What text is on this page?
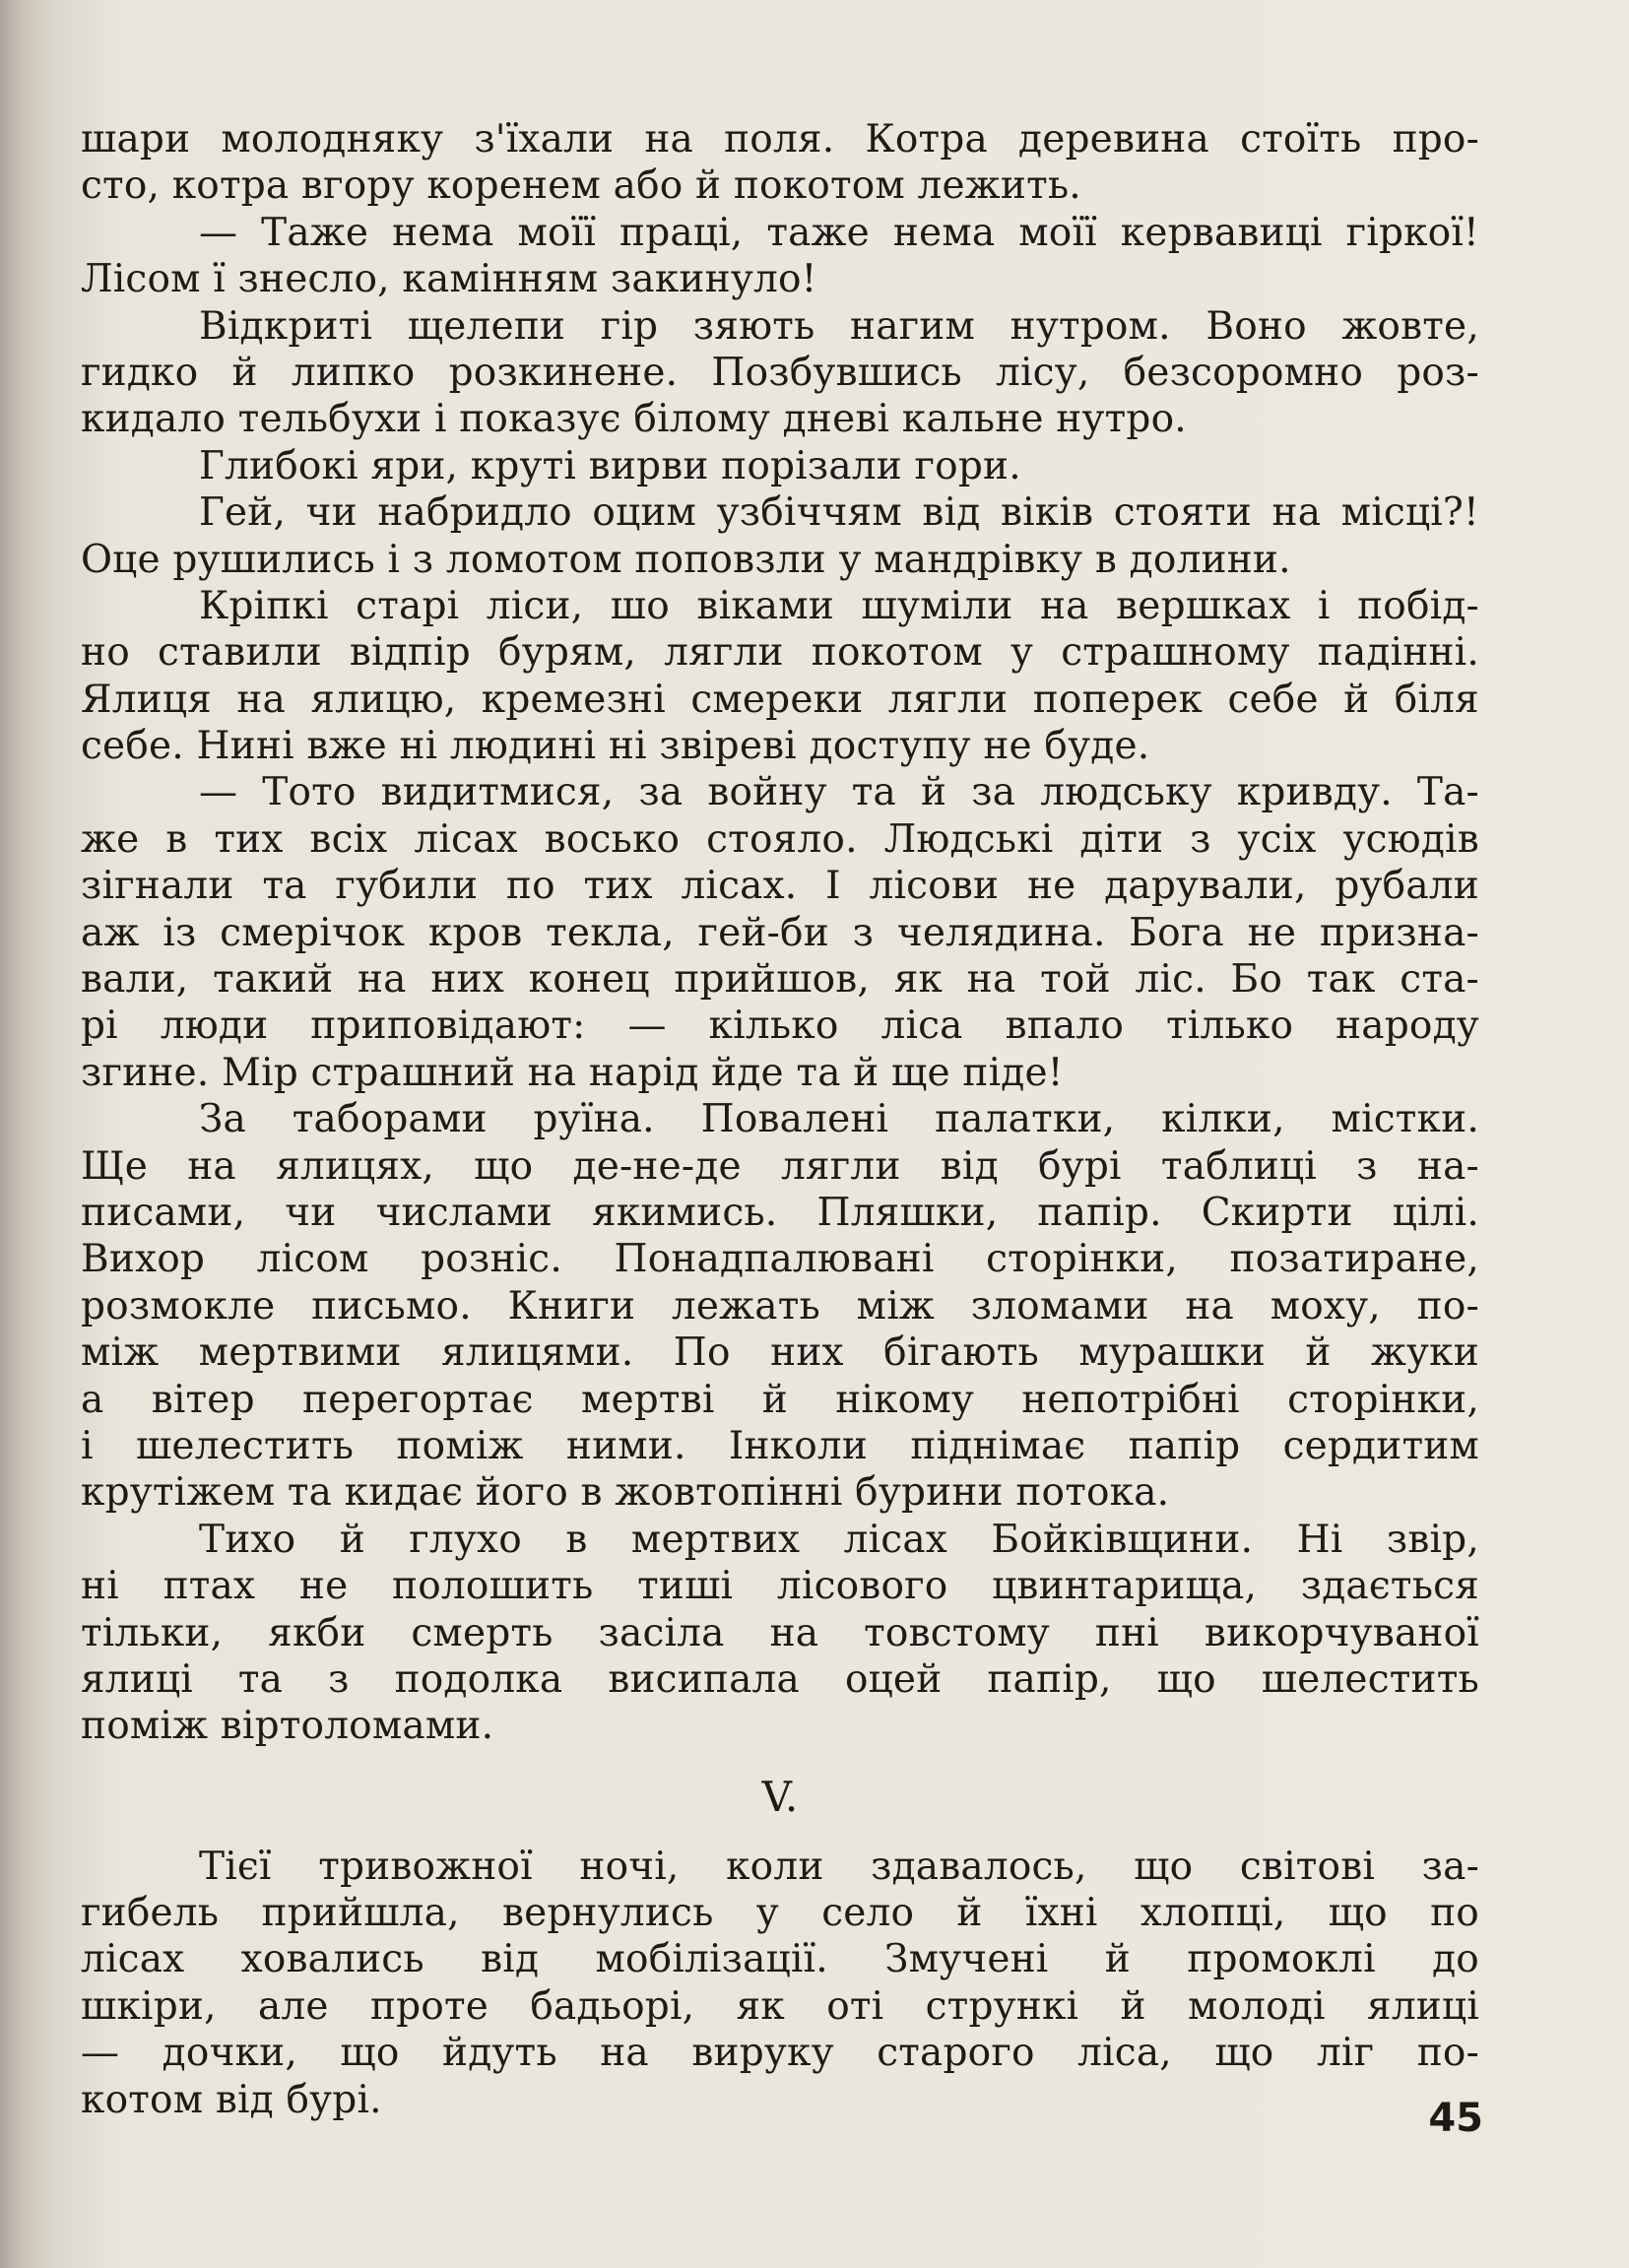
шари молодняку з'їхали на поля. Котра деревина стоїть про-
сто, котра вгору коренем або й покотом лежить.
— Таже нема моїї праці, таже нема моїї кервавиці гіркої!
Лісом ї знесло, камінням закинуло!
Відкриті щелепи гір зяють нагим нутром. Воно жовте,
гидко й липко розкинене. Позбувшись лісу, безсоромно роз-
кидало тельбухи і показує білому дневі кальне нутро.
Глибокі яри, круті вирви порізали гори.
Гей, чи набридло оцим узбіччям від віків стояти на місці?!
Оце рушились і з ломотом поповзли у мандрівку в долини.
Кріпкі старі ліси, шо віками шуміли на вершках і побід-
но ставили відпір бурям, лягли покотом у страшному падінні.
Ялиця на ялицю, кремезні смереки лягли поперек себе й біля
себе. Нині вже ні людині ні звіреві доступу не буде.
— Тото видитмися, за войну та й за людську кривду. Та-
же в тих всіх лісах восько стояло. Людські діти з усіх усюдів
зігнали та губили по тих лісах. І лісови не дарували, рубали
аж із смерічок кров текла, гей-би з челядина. Бога не призна-
вали, такий на них конец прийшов, як на той ліс. Бо так ста-
рі люди приповідают: — кілько ліса впало тілько народу
згине. Мір страшний на нарід йде та й ще піде!
За таборами руїна. Повалені палатки, кілки, містки.
Ще на ялицях, що де-не-де лягли від бурі таблиці з на-
писами, чи числами якимись. Пляшки, папір. Скирти цілі.
Вихор лісом розніс. Понадпалювані сторінки, позатиране,
розмокле письмо. Книги лежать між зломами на моху, по-
між мертвими ялицями. По них бігають мурашки й жуки
а вітер перегортає мертві й нікому непотрібні сторінки,
і шелестить поміж ними. Інколи піднімає папір сердитим
крутіжем та кидає його в жовтопінні бурини потока.
Тихо й глухо в мертвих лісах Бойківщини. Ні звір,
ні птах не полошить тиші лісового цвинтарища, здається
тільки, якби смерть засіла на товстому пні викорчуваної
ялиці та з подолка висипала оцей папір, що шелестить
поміж віртоломами.
V.
Тієї тривожної ночі, коли здавалось, що світові за-
гибель прийшла, вернулись у село й їхні хлопці, що по
лісах ховались від мобілізації. Змучені й промоклі до
шкіри, але проте бадьорі, як оті стрункі й молоді ялиці
— дочки, що йдуть на вируку старого ліса, що ліг по-
котом від бурі.	45
